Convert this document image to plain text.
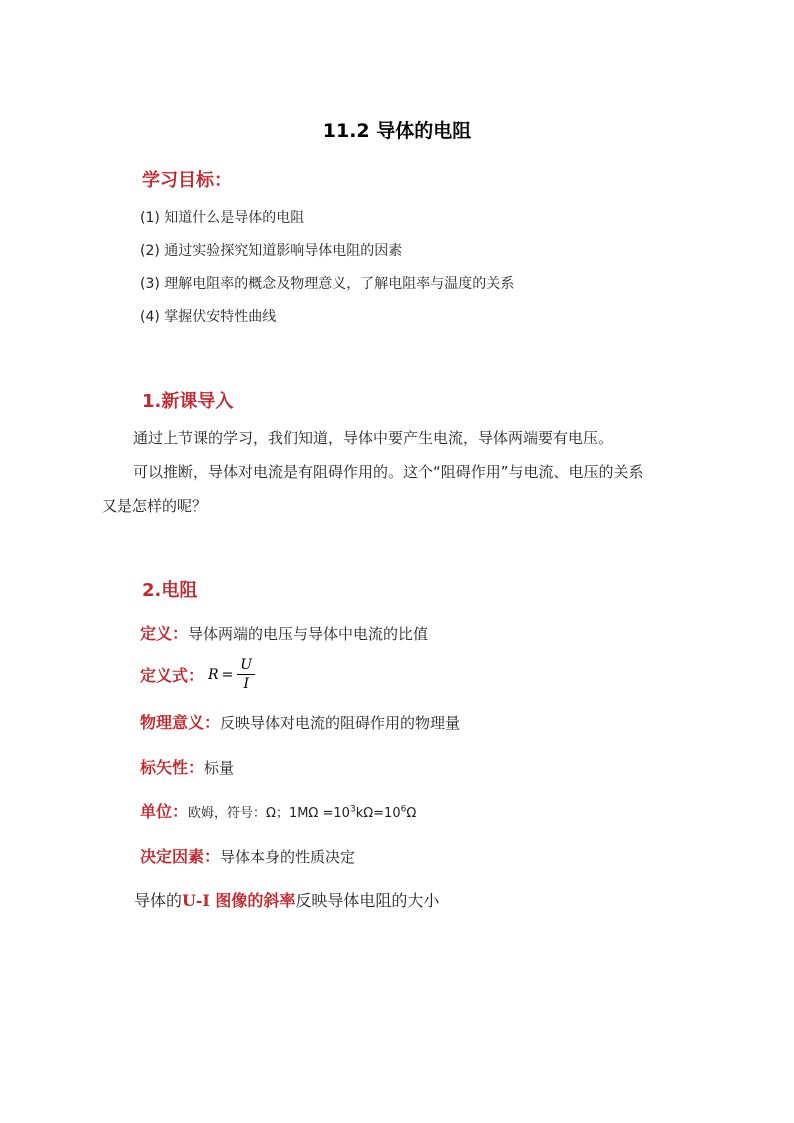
11.2 导体的电阻
学习目标：
(1) 知道什么是导体的电阻
(2) 通过实验探究知道影响导体电阻的因素
(3) 理解电阻率的概念及物理意义，了解电阻率与温度的关系
(4) 掌握伏安特性曲线
1.新课导入
通过上节课的学习，我们知道，导体中要产生电流，导体两端要有电压。
可以推断，导体对电流是有阻碍作用的。这个“阻碍作用”与电流、电压的关系
又是怎样的呢？
2.电阻
定义：导体两端的电压与导体中电流的比值
定义式： $R = \frac{U}{I}$
物理意义：反映导体对电流的阻碍作用的物理量
标矢性：标量
单位：欧姆，符号：Ω；$1M\Omega =10^3k\Omega=10^6\Omega$
决定因素：导体本身的性质决定
导体的U-I 图像的斜率反映导体电阻的大小
